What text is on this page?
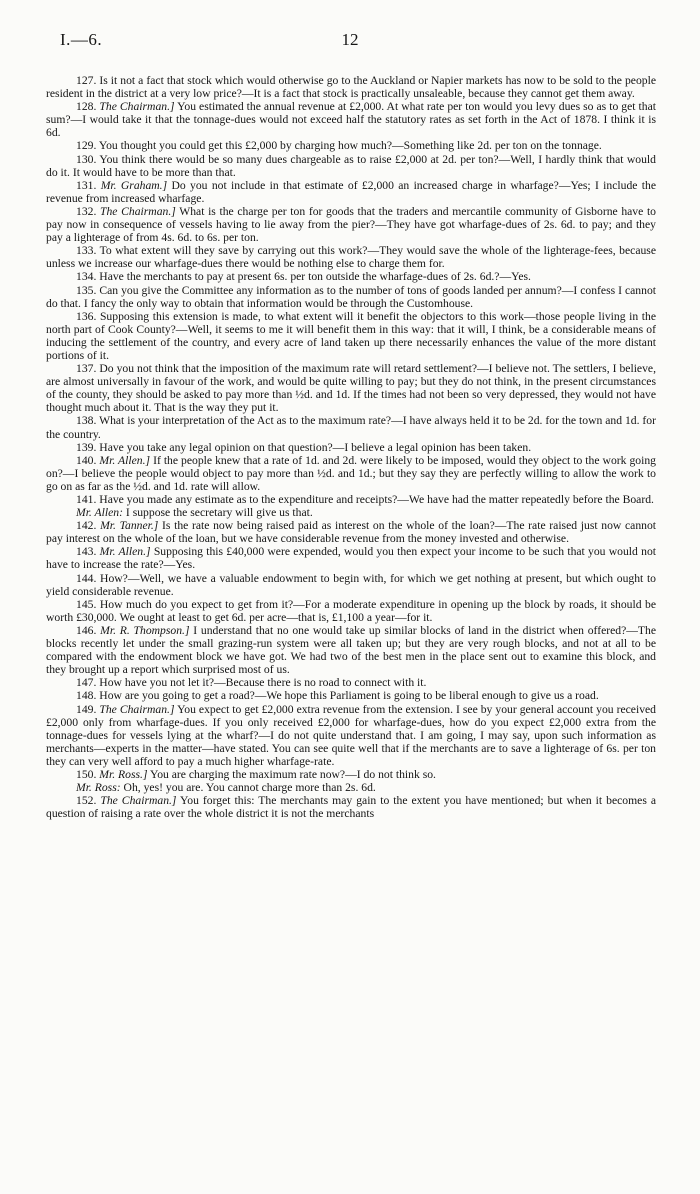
I.—6.	12

127. Is it not a fact that stock which would otherwise go to the Auckland or Napier markets has now to be sold to the people resident in the district at a very low price?—It is a fact that stock is practically unsaleable, because they cannot get them away.

128. The Chairman.] You estimated the annual revenue at £2,000. At what rate per ton would you levy dues so as to get that sum?—I would take it that the tonnage-dues would not exceed half the statutory rates as set forth in the Act of 1878. I think it is 6d.

129. You thought you could get this £2,000 by charging how much?—Something like 2d. per ton on the tonnage.

130. You think there would be so many dues chargeable as to raise £2,000 at 2d. per ton?—Well, I hardly think that would do it. It would have to be more than that.

131. Mr. Graham.] Do you not include in that estimate of £2,000 an increased charge in wharfage?—Yes; I include the revenue from increased wharfage.

132. The Chairman.] What is the charge per ton for goods that the traders and mercantile community of Gisborne have to pay now in consequence of vessels having to lie away from the pier?—They have got wharfage-dues of 2s. 6d. to pay; and they pay a lighterage of from 4s. 6d. to 6s. per ton.

133. To what extent will they save by carrying out this work?—They would save the whole of the lighterage-fees, because unless we increase our wharfage-dues there would be nothing else to charge them for.

134. Have the merchants to pay at present 6s. per ton outside the wharfage-dues of 2s. 6d.?—Yes.

135. Can you give the Committee any information as to the number of tons of goods landed per annum?—I confess I cannot do that. I fancy the only way to obtain that information would be through the Customhouse.

136. Supposing this extension is made, to what extent will it benefit the objectors to this work—those people living in the north part of Cook County?—Well, it seems to me it will benefit them in this way: that it will, I think, be a considerable means of inducing the settlement of the country, and every acre of land taken up there necessarily enhances the value of the more distant portions of it.

137. Do you not think that the imposition of the maximum rate will retard settlement?—I believe not. The settlers, I believe, are almost universally in favour of the work, and would be quite willing to pay; but they do not think, in the present circumstances of the county, they should be asked to pay more than ½d. and 1d. If the times had not been so very depressed, they would not have thought much about it. That is the way they put it.

138. What is your interpretation of the Act as to the maximum rate?—I have always held it to be 2d. for the town and 1d. for the country.

139. Have you take any legal opinion on that question?—I believe a legal opinion has been taken.

140. Mr. Allen.] If the people knew that a rate of 1d. and 2d. were likely to be imposed, would they object to the work going on?—I believe the people would object to pay more than ½d. and 1d.; but they say they are perfectly willing to allow the work to go on as far as the ½d. and 1d. rate will allow.

141. Have you made any estimate as to the expenditure and receipts?—We have had the matter repeatedly before the Board.

Mr. Allen: I suppose the secretary will give us that.

142. Mr. Tanner.] Is the rate now being raised paid as interest on the whole of the loan?—The rate raised just now cannot pay interest on the whole of the loan, but we have considerable revenue from the money invested and otherwise.

143. Mr. Allen.] Supposing this £40,000 were expended, would you then expect your income to be such that you would not have to increase the rate?—Yes.

144. How?—Well, we have a valuable endowment to begin with, for which we get nothing at present, but which ought to yield considerable revenue.

145. How much do you expect to get from it?—For a moderate expenditure in opening up the block by roads, it should be worth £30,000. We ought at least to get 6d. per acre—that is, £1,100 a year—for it.

146. Mr. R. Thompson.] I understand that no one would take up similar blocks of land in the district when offered?—The blocks recently let under the small grazing-run system were all taken up; but they are very rough blocks, and not at all to be compared with the endowment block we have got. We had two of the best men in the place sent out to examine this block, and they brought up a report which surprised most of us.

147. How have you not let it?—Because there is no road to connect with it.

148. How are you going to get a road?—We hope this Parliament is going to be liberal enough to give us a road.

149. The Chairman.] You expect to get £2,000 extra revenue from the extension. I see by your general account you received £2,000 only from wharfage-dues. If you only received £2,000 for wharfage-dues, how do you expect £2,000 extra from the tonnage-dues for vessels lying at the wharf?—I do not quite understand that. I am going, I may say, upon such information as merchants—experts in the matter—have stated. You can see quite well that if the merchants are to save a lighterage of 6s. per ton they can very well afford to pay a much higher wharfage-rate.

150. Mr. Ross.] You are charging the maximum rate now?—I do not think so.

Mr. Ross: Oh, yes! you are. You cannot charge more than 2s. 6d.

152. The Chairman.] You forget this: The merchants may gain to the extent you have mentioned; but when it becomes a question of raising a rate over the whole district it is not the merchants
